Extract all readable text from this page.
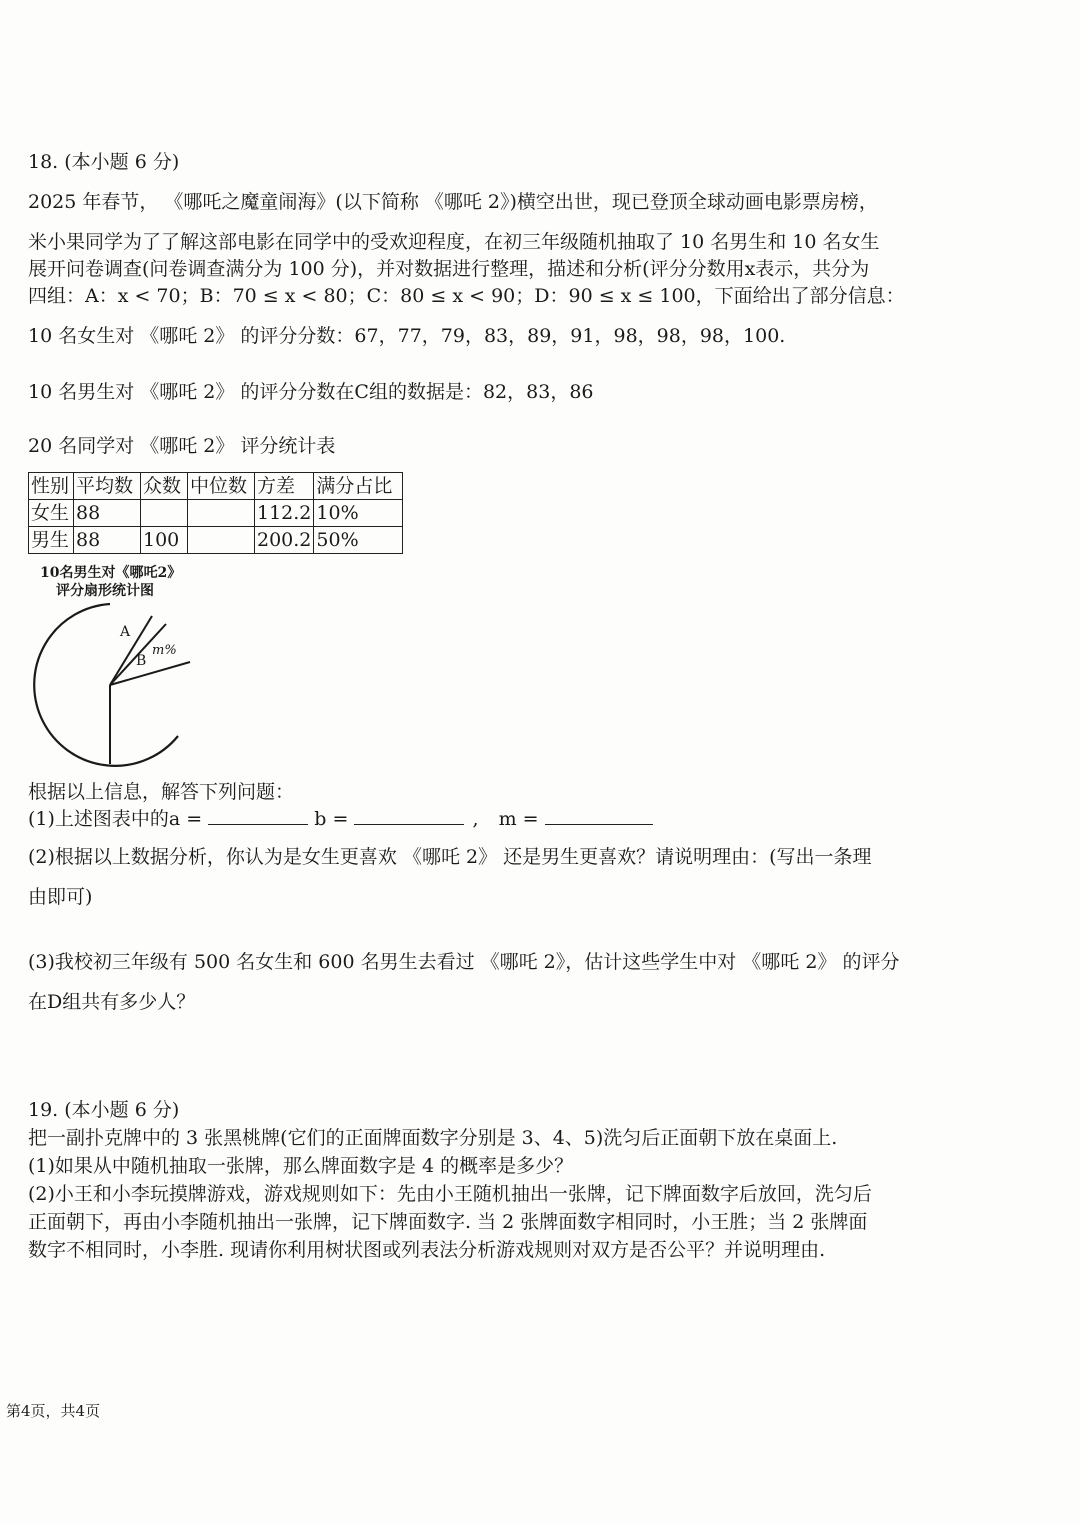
18. (本小题 6 分)
2025 年春节， 《哪吒之魔童闹海》(以下简称 《哪吒 2》)横空出世，现已登顶全球动画电影票房榜，
米小果同学为了了解这部电影在同学中的受欢迎程度，在初三年级随机抽取了 10 名男生和 10 名女生
展开问卷调查(问卷调查满分为 100 分)，并对数据进行整理，描述和分析(评分分数用x表示，共分为
四组：A：x < 70；B：70 ≤ x < 80；C：80 ≤ x < 90；D：90 ≤ x ≤ 100，下面给出了部分信息：
10 名女生对 《哪吒 2》 的评分分数：67，77，79，83，89，91，98，98，98，100.
10 名男生对 《哪吒 2》 的评分分数在C组的数据是：82，83，86
20 名同学对 《哪吒 2》 评分统计表
性别	平均数	众数	中位数	方差	满分占比
女生	88			112.2	10%
男生	88	100		200.2	50%
10名男生对《哪吒2》
评分扇形统计图
A
B
m%
根据以上信息，解答下列问题：
(1)上述图表中的a =	b =	, m =
(2)根据以上数据分析，你认为是女生更喜欢 《哪吒 2》 还是男生更喜欢？请说明理由：(写出一条理
由即可)
(3)我校初三年级有 500 名女生和 600 名男生去看过 《哪吒 2》，估计这些学生中对 《哪吒 2》 的评分
在D组共有多少人？
19. (本小题 6 分)
把一副扑克牌中的 3 张黑桃牌(它们的正面牌面数字分别是 3、4、5)洗匀后正面朝下放在桌面上.
(1)如果从中随机抽取一张牌，那么牌面数字是 4 的概率是多少？
(2)小王和小李玩摸牌游戏，游戏规则如下：先由小王随机抽出一张牌，记下牌面数字后放回，洗匀后
正面朝下，再由小李随机抽出一张牌，记下牌面数字. 当 2 张牌面数字相同时，小王胜；当 2 张牌面
数字不相同时，小李胜. 现请你利用树状图或列表法分析游戏规则对双方是否公平？并说明理由.
第4页，共4页
